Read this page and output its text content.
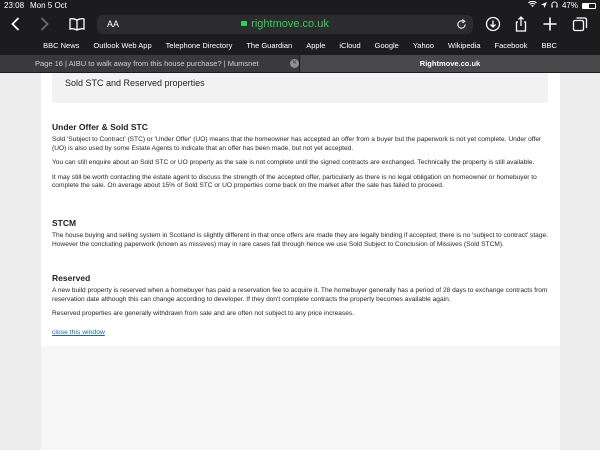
23:08 Mon 5 Oct	47%
AA	rightmove.co.uk
BBC News Outlook Web App Telephone Directory The Guardian Apple iCloud Google Yahoo Wikipedia Facebook BBC
Page 16 | AIBU to walk away from this house purchase? | Mumsnet	✕	Rightmove.co.uk
Sold STC and Reserved properties
Under Offer & Sold STC

Sold 'Subject to Contract' (STC) or 'Under Offer' (UO) means that the homeowner has accepted an offer from a buyer but the paperwork is not yet complete. Under offer (UO) is also used by some Estate Agents to indicate that an offer has been made, but not yet accepted.

You can still enquire about an Sold STC or UO property as the sale is not complete until the signed contracts are exchanged. Technically the property is still available.

It may still be worth contacting the estate agent to discuss the strength of the accepted offer, particularly as there is no legal obligation on homeowner or homebuyer to complete the sale. On average about 15% of Sold STC or UO properties come back on the market after the sale has failed to proceed.

STCM

The house buying and selling system in Scotland is slightly different in that once offers are made they are legally binding if accepted; there is no 'subject to contract' stage. However the concluding paperwork (known as missives) may in rare cases fall through hence we use Sold Subject to Conclusion of Missives (Sold STCM).

Reserved

A new build property is reserved when a homebuyer has paid a reservation fee to acquire it. The homebuyer generally has a period of 28 days to exchange contracts from reservation date although this can change according to developer. If they don't complete contracts the property becomes available again.

Reserved properties are generally withdrawn from sale and are often not subject to any price increases.

close this window
